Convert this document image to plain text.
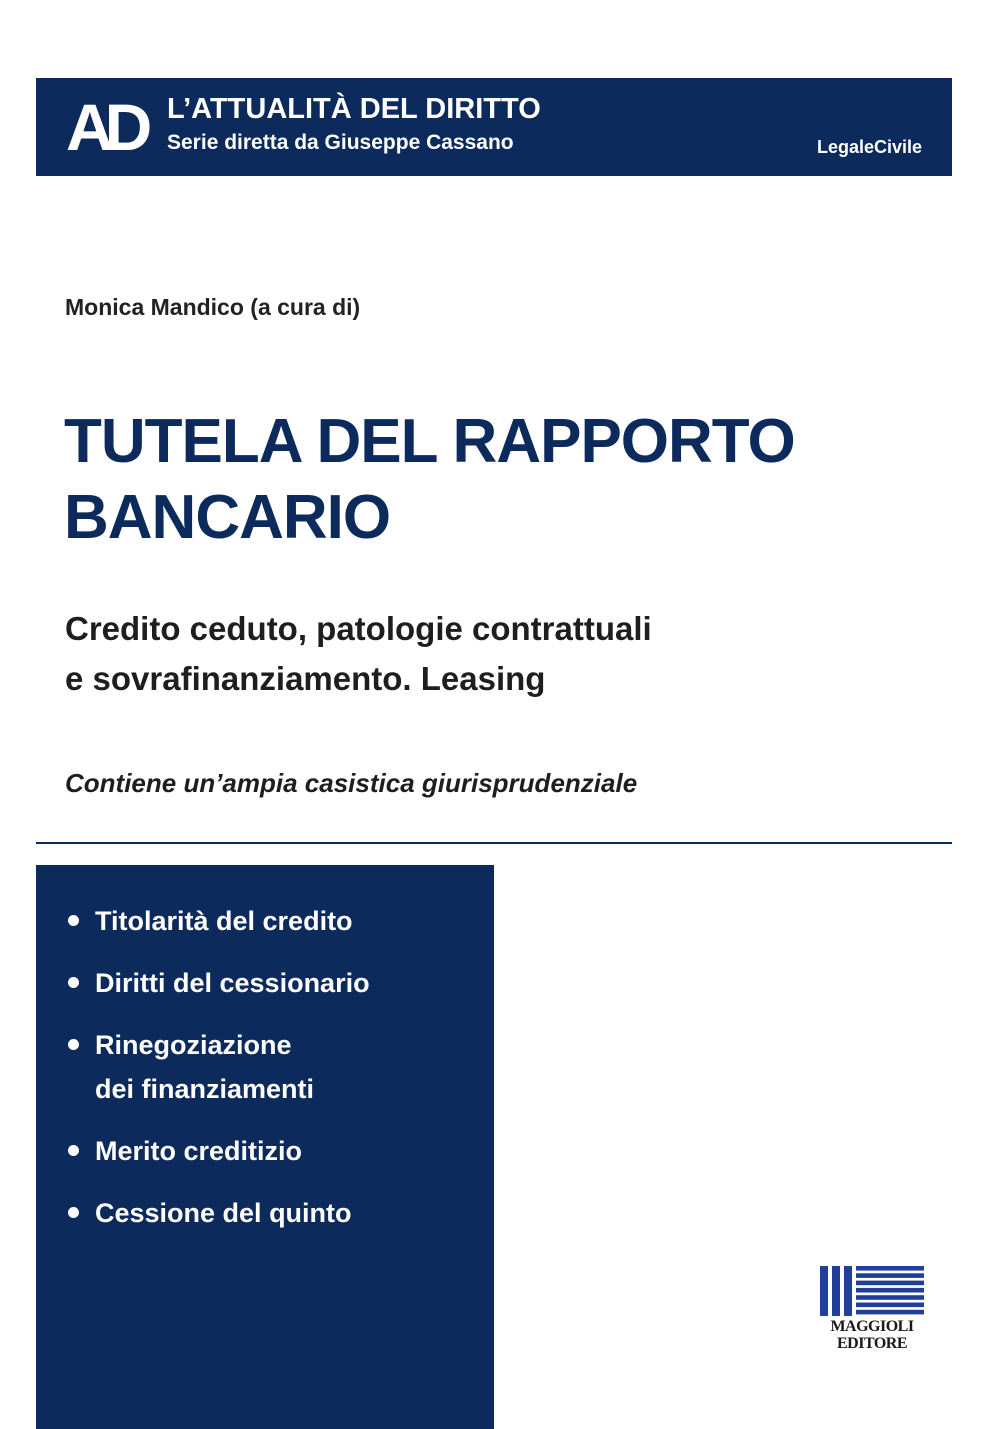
AD L’ATTUALITÀ DEL DIRITTO
Serie diretta da Giuseppe Cassano	LegaleCivile
Monica Mandico (a cura di)
TUTELA DEL RAPPORTO
BANCARIO
Credito ceduto, patologie contrattuali
e sovrafinanziamento. Leasing
Contiene un’ampia casistica giurisprudenziale
Titolarità del credito
Diritti del cessionario
Rinegoziazione
dei finanziamenti
Merito creditizio
Cessione del quinto
MAGGIOLI
EDITORE
